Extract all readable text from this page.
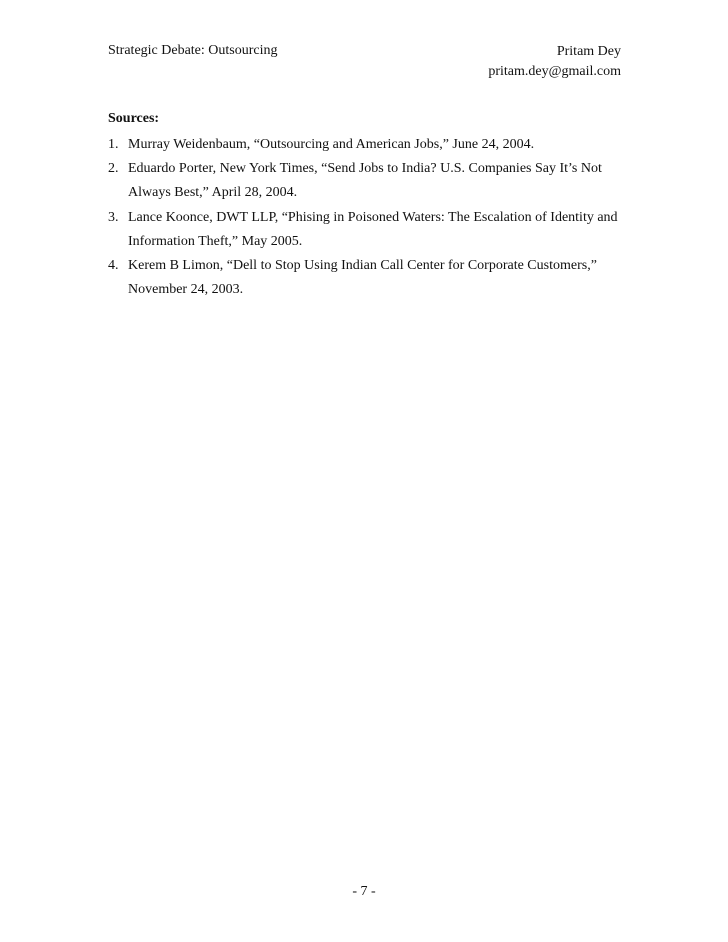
Strategic Debate: Outsourcing	Pritam Dey
pritam.dey@gmail.com
Sources:
1. Murray Weidenbaum, “Outsourcing and American Jobs,” June 24, 2004.
2. Eduardo Porter, New York Times, “Send Jobs to India? U.S. Companies Say It’s Not Always Best,” April 28, 2004.
3. Lance Koonce, DWT LLP, “Phising in Poisoned Waters: The Escalation of Identity and Information Theft,” May 2005.
4. Kerem B Limon, “Dell to Stop Using Indian Call Center for Corporate Customers,” November 24, 2003.
- 7 -
